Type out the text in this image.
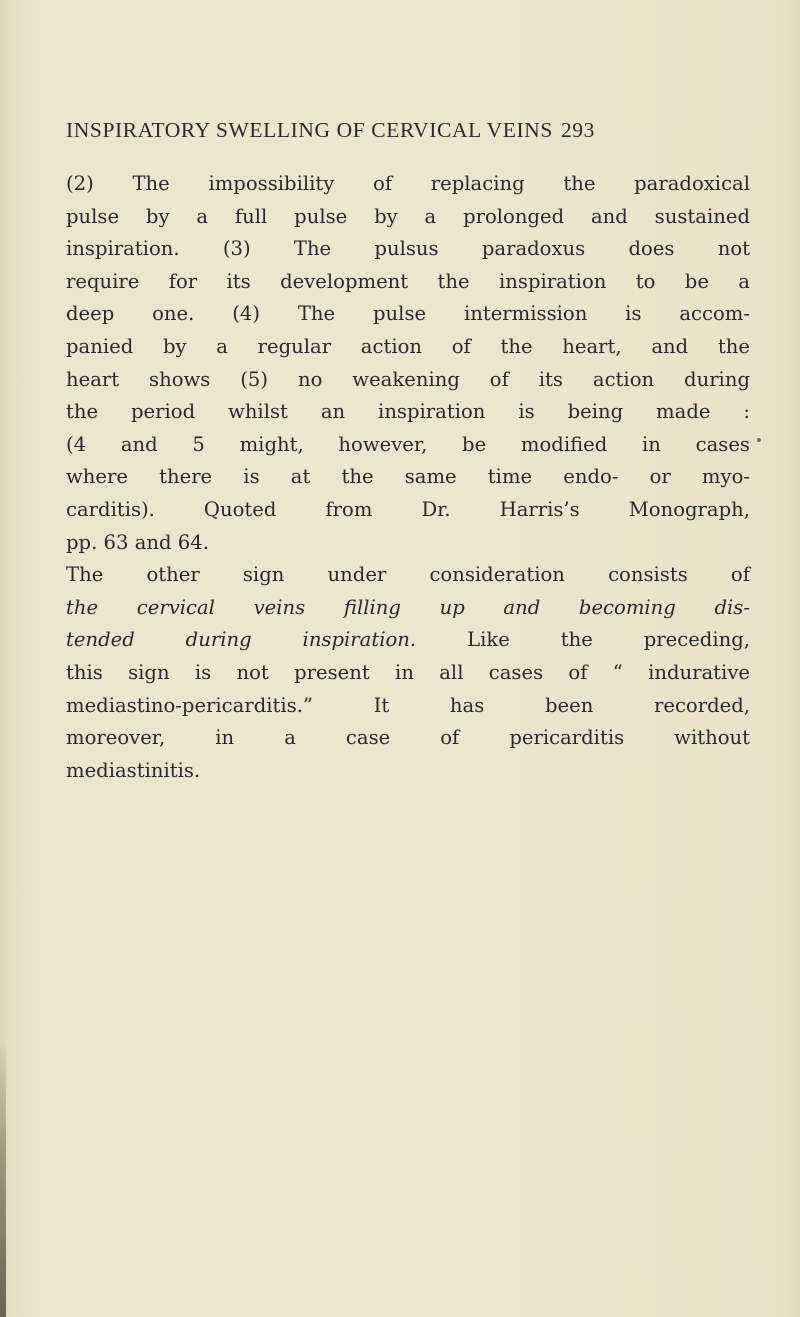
INSPIRATORY SWELLING OF CERVICAL VEINS 293
(2) The impossibility of replacing the paradoxical
pulse by a full pulse by a prolonged and sustained
inspiration. (3) The pulsus paradoxus does not
require for its development the inspiration to be a
deep one. (4) The pulse intermission is accom-
panied by a regular action of the heart, and the
heart shows (5) no weakening of its action during
the period whilst an inspiration is being made :
(4 and 5 might, however, be modified in cases
where there is at the same time endo- or myo-
carditis). Quoted from Dr. Harris’s Monograph,
pp. 63 and 64.
The other sign under consideration consists of
the cervical veins filling up and becoming dis-
tended during inspiration.	Like the preceding,
this sign is not present in all cases of “ indurative
mediastino-pericarditis.” It has been recorded,
moreover, in a case of pericarditis without
mediastinitis.
